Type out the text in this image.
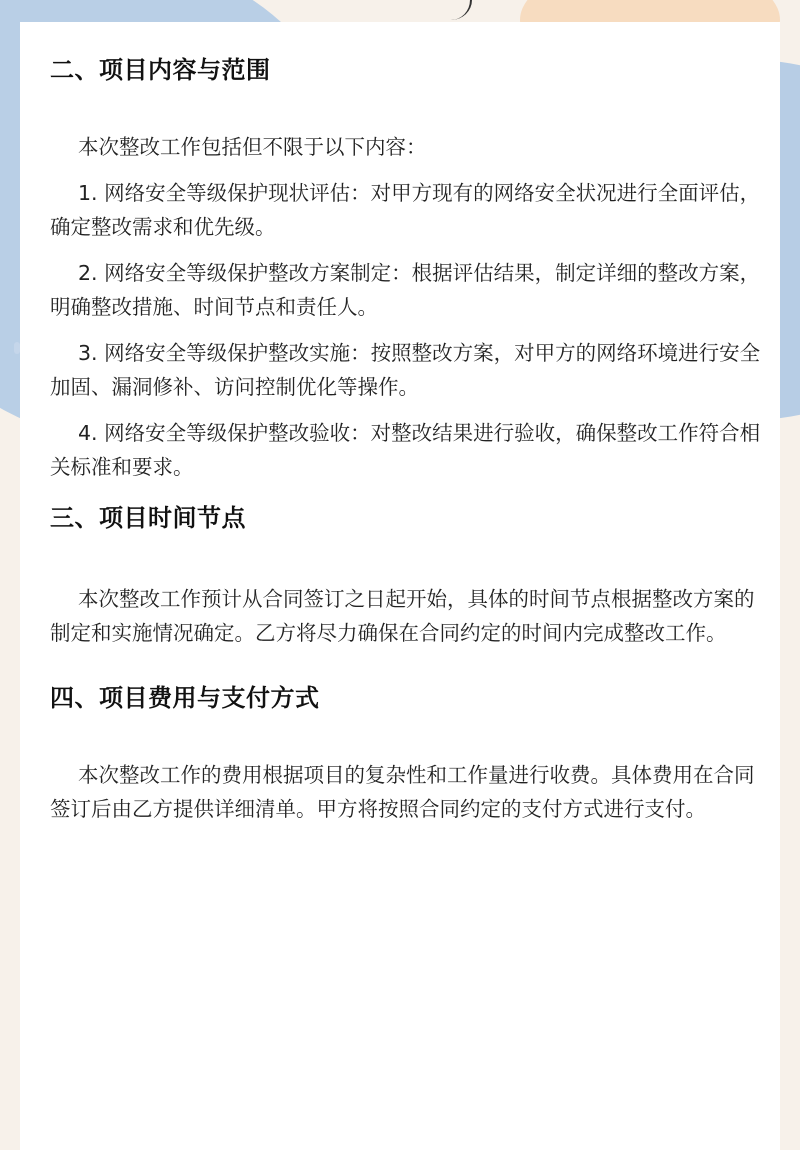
二、项目内容与范围

本次整改工作包括但不限于以下内容：

1. 网络安全等级保护现状评估：对甲方现有的网络安全状况进行全面评估，确定整改需求和优先级。

2. 网络安全等级保护整改方案制定：根据评估结果，制定详细的整改方案，明确整改措施、时间节点和责任人。

3. 网络安全等级保护整改实施：按照整改方案，对甲方的网络环境进行安全加固、漏洞修补、访问控制优化等操作。

4. 网络安全等级保护整改验收：对整改结果进行验收，确保整改工作符合相关标准和要求。

三、项目时间节点

本次整改工作预计从合同签订之日起开始，具体的时间节点根据整改方案的制定和实施情况确定。乙方将尽力确保在合同约定的时间内完成整改工作。

四、项目费用与支付方式

本次整改工作的费用根据项目的复杂性和工作量进行收费。具体费用在合同签订后由乙方提供详细清单。甲方将按照合同约定的支付方式进行支付。
